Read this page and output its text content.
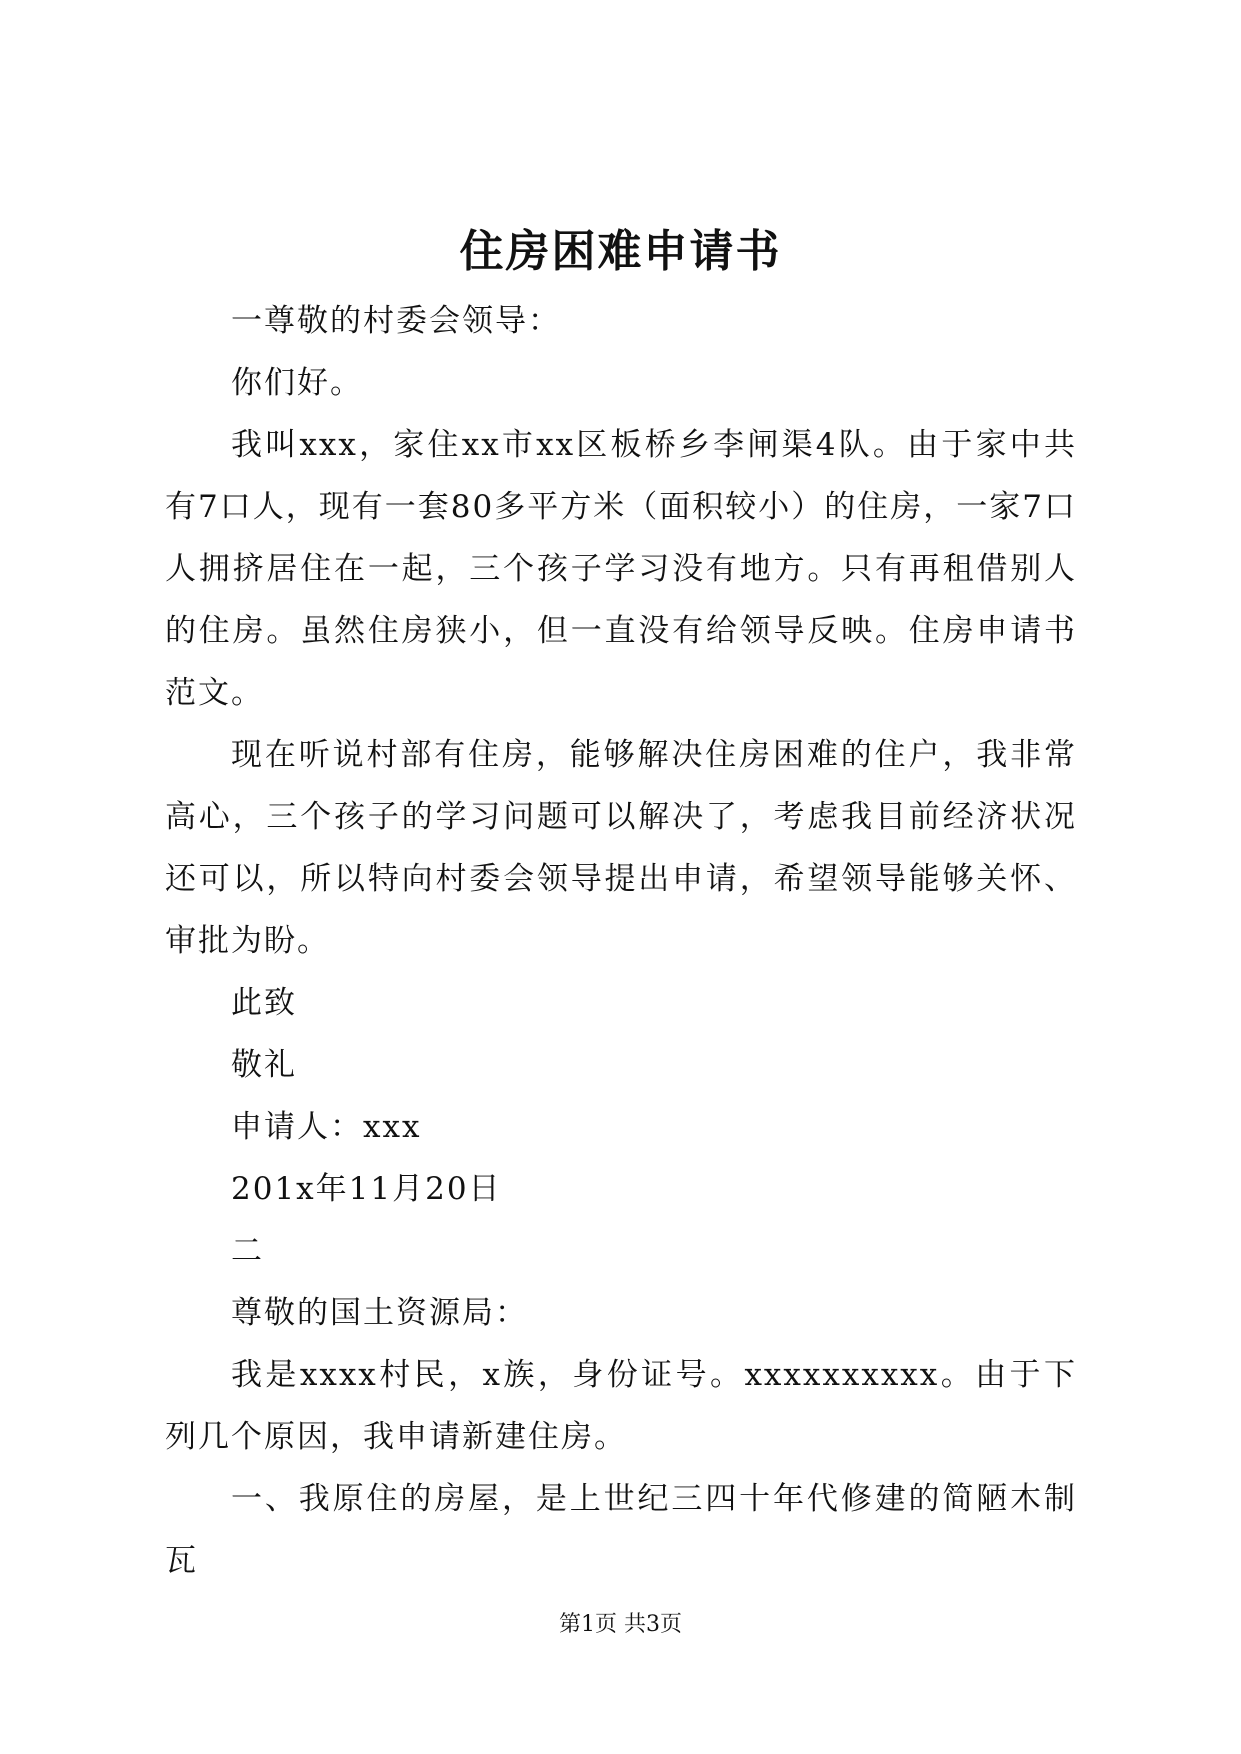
住房困难申请书

一尊敬的村委会领导：

你们好。

我叫xxx，家住xx市xx区板桥乡李闸渠4队。由于家中共有7口人，现有一套80多平方米（面积较小）的住房，一家7口人拥挤居住在一起，三个孩子学习没有地方。只有再租借别人的住房。虽然住房狭小，但一直没有给领导反映。住房申请书范文。

现在听说村部有住房，能够解决住房困难的住户，我非常高心，三个孩子的学习问题可以解决了，考虑我目前经济状况还可以，所以特向村委会领导提出申请，希望领导能够关怀、审批为盼。

此致

敬礼

申请人：xxx

201x年11月20日

二

尊敬的国土资源局：

我是xxxx村民，x族，身份证号。xxxxxxxxxx。由于下列几个原因，我申请新建住房。

一、我原住的房屋，是上世纪三四十年代修建的简陋木制瓦

第1页 共3页
